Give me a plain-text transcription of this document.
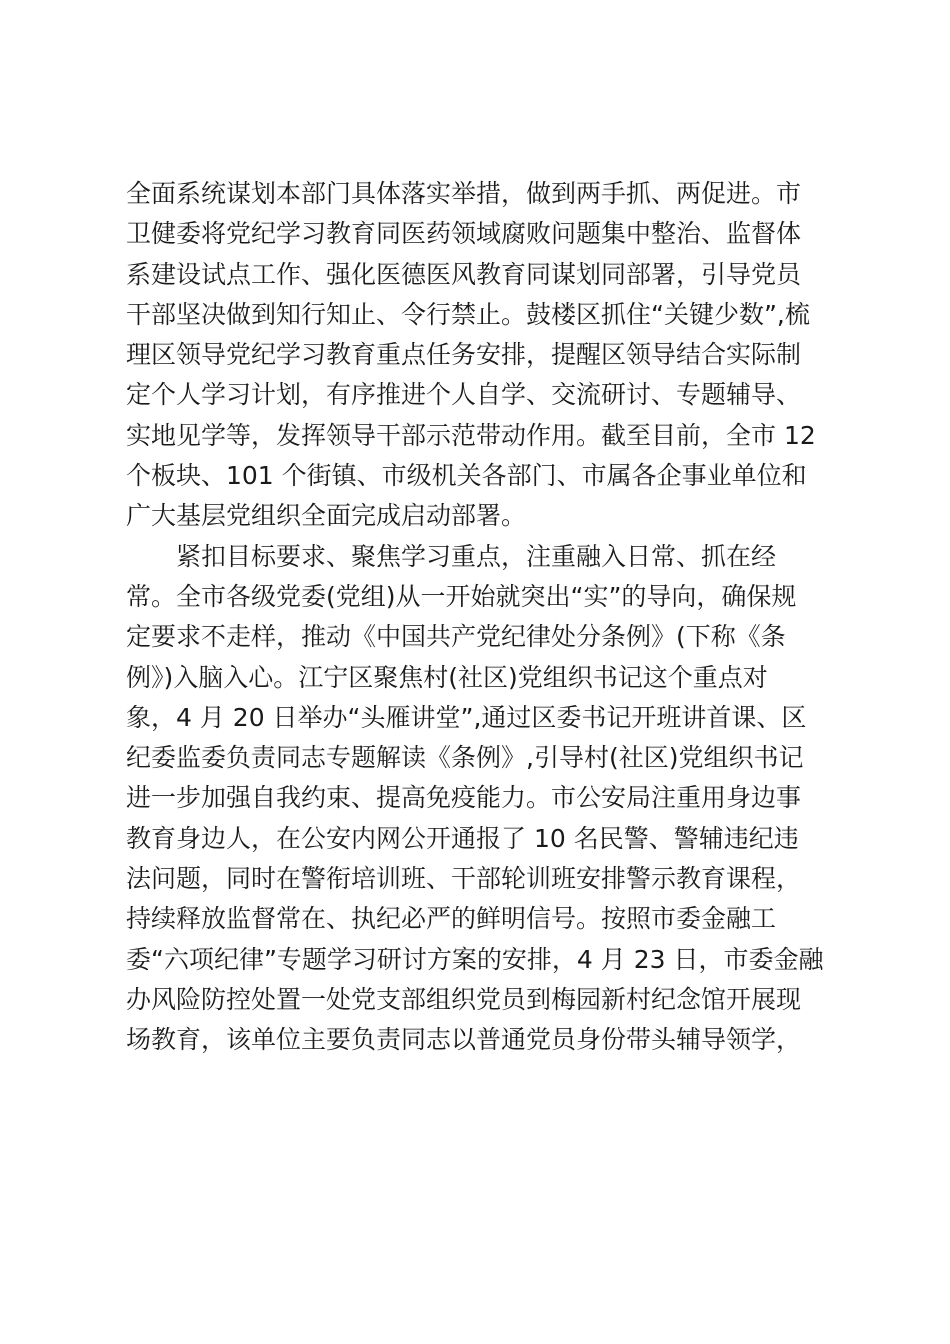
全面系统谋划本部门具体落实举措，做到两手抓、两促进。市
卫健委将党纪学习教育同医药领域腐败问题集中整治、监督体
系建设试点工作、强化医德医风教育同谋划同部署，引导党员
干部坚决做到知行知止、令行禁止。鼓楼区抓住“关键少数”,梳
理区领导党纪学习教育重点任务安排，提醒区领导结合实际制
定个人学习计划，有序推进个人自学、交流研讨、专题辅导、
实地见学等，发挥领导干部示范带动作用。截至目前，全市 12
个板块、101 个街镇、市级机关各部门、市属各企事业单位和
广大基层党组织全面完成启动部署。
紧扣目标要求、聚焦学习重点，注重融入日常、抓在经
常。全市各级党委(党组)从一开始就突出“实”的导向，确保规
定要求不走样，推动《中国共产党纪律处分条例》(下称《条
例》)入脑入心。江宁区聚焦村(社区)党组织书记这个重点对
象，4 月 20 日举办“头雁讲堂”,通过区委书记开班讲首课、区
纪委监委负责同志专题解读《条例》,引导村(社区)党组织书记
进一步加强自我约束、提高免疫能力。市公安局注重用身边事
教育身边人，在公安内网公开通报了 10 名民警、警辅违纪违
法问题，同时在警衔培训班、干部轮训班安排警示教育课程，
持续释放监督常在、执纪必严的鲜明信号。按照市委金融工
委“六项纪律”专题学习研讨方案的安排，4 月 23 日，市委金融
办风险防控处置一处党支部组织党员到梅园新村纪念馆开展现
场教育，该单位主要负责同志以普通党员身份带头辅导领学，
